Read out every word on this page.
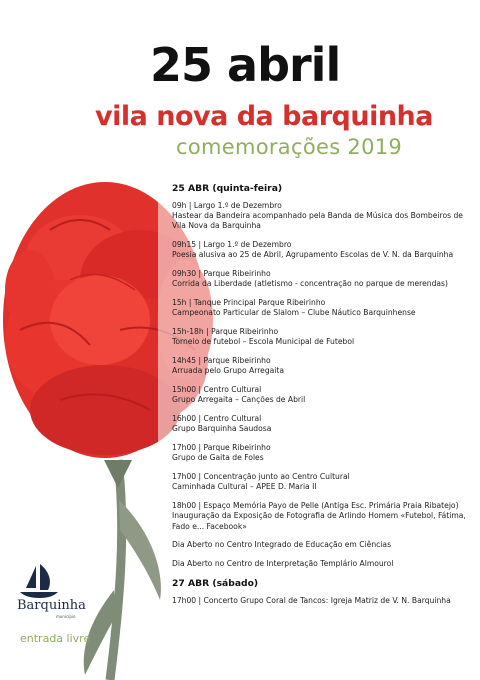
25 abril
vila nova da barquinha
comemorações 2019
25 ABR (quinta-feira)
09h | Largo 1.º de Dezembro
Hastear da Bandeira acompanhado pela Banda de Música dos Bombeiros de Vila Nova da Barquinha
09h15 | Largo 1.º de Dezembro
Poesia alusiva ao 25 de Abril, Agrupamento Escolas de V. N. da Barquinha
09h30 | Parque Ribeirinho
Corrida da Liberdade (atletismo - concentração no parque de merendas)
15h | Tanque Principal Parque Ribeirinho
Campeonato Particular de Slalom – Clube Náutico Barquinhense
15h-18h | Parque Ribeirinho
Torneio de futebol – Escola Municipal de Futebol
14h45 | Parque Ribeirinho
Arruada pelo Grupo Arregaita
15h00 | Centro Cultural
Grupo Arregaita – Canções de Abril
16h00 | Centro Cultural
Grupo Barquinha Saudosa
17h00 | Parque Ribeirinho
Grupo de Gaita de Foles
17h00 | Concentração junto ao Centro Cultural
Caminhada Cultural – APEE D. Maria II
18h00 | Espaço Memória Payo de Pelle (Antiga Esc. Primária Praia Ribatejo)
Inauguração da Exposição de Fotografia de Arlindo Homem «Futebol, Fátima, Fado e... Facebook»
Dia Aberto no Centro Integrado de Educação em Ciências
Dia Aberto no Centro de Interpretação Templário Almourol
27 ABR (sábado)
17h00 | Concerto Grupo Coral de Tancos: Igreja Matriz de V. N. Barquinha
Barquinha
município
entrada livre
